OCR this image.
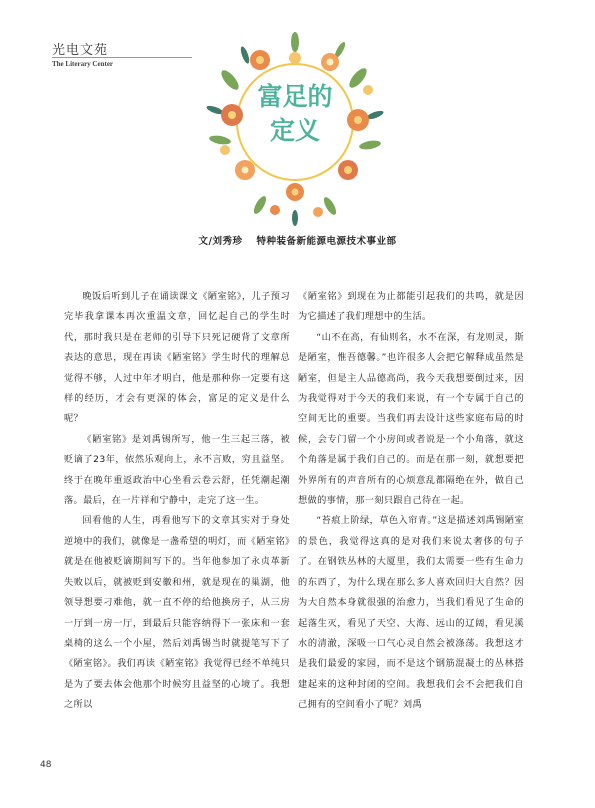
光电文苑
The Literary Center
富足的
定义
文/刘秀珍 特种装备新能源电源技术事业部

晚饭后听到儿子在诵读课文《陋室铭》，儿子预习完毕我拿课本再次重温文章，回忆起自己的学生时代，那时我只是在老师的引导下只死记硬背了文章所表达的意思，现在再读《陋室铭》学生时代的理解总觉得不够，人过中年才明白，他是那种你一定要有这样的经历，才会有更深的体会，富足的定义是什么呢？

《陋室铭》是刘禹锡所写，他一生三起三落，被贬谪了23年，依然乐观向上，永不言败，穷且益坚。终于在晚年重返政治中心坐看云卷云舒，任凭潮起潮落。最后，在一片祥和宁静中，走完了这一生。

回看他的人生，再看他写下的文章其实对于身处逆境中的我们，就像是一盏希望的明灯，而《陋室铭》就是在他被贬谪期间写下的。当年他参加了永贞革新失败以后，就被贬到安徽和州，就是现在的巢湖，他领导想要刁难他，就一直不停的给他换房子，从三房一厅到一房一厅，到最后只能容纳得下一张床和一套桌椅的这么一个小屋，然后刘禹锡当时就提笔写下了《陋室铭》。我们再读《陋室铭》我觉得已经不单纯只是为了要去体会他那个时候穷且益坚的心境了。我想之所以

《陋室铭》到现在为止都能引起我们的共鸣，就是因为它描述了我们理想中的生活。

“山不在高，有仙则名，水不在深，有龙则灵，斯是陋室，惟吾德馨。”也许很多人会把它解释成虽然是陋室，但是主人品德高尚，我今天我想要倒过来，因为我觉得对于今天的我们来说，有一个专属于自己的空间无比的重要。当我们再去设计这些家庭布局的时候，会专门留一个小房间或者说是一个小角落，就这个角落是属于我们自己的。而是在那一刻，就想要把外界所有的声音所有的心烦意乱都隔绝在外，做自己想做的事情，那一刻只跟自己待在一起。

“苔痕上阶绿，草色入帘青。”这是描述刘禹锡陋室的景色，我觉得这真的是对我们来说太奢侈的句子了。在钢铁丛林的大厦里，我们太需要一些有生命力的东西了，为什么现在那么多人喜欢回归大自然？因为大自然本身就很强的治愈力，当我们看见了生命的起落生灭，看见了天空、大海、远山的辽阔，看见溪水的清澈，深吸一口气心灵自然会被涤荡。我想这才是我们最爱的家园，而不是这个钢筋混凝土的丛林搭建起来的这种封闭的空间。我想我们会不会把我们自己拥有的空间看小了呢？刘禹

48
